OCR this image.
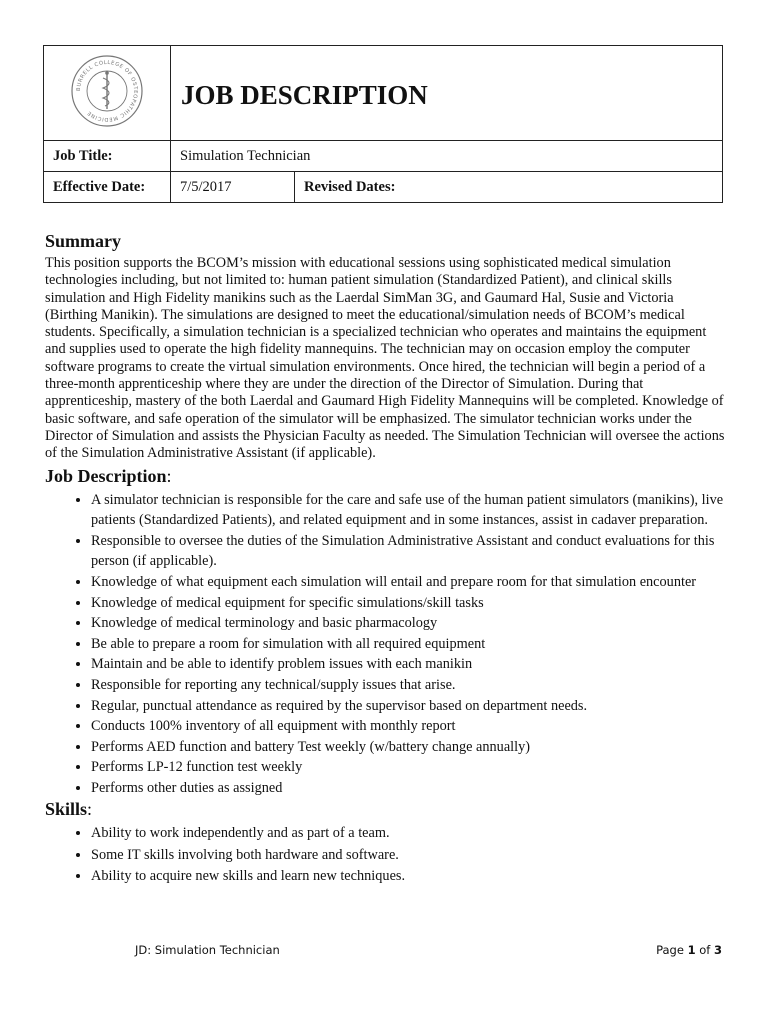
BURRELL COLLEGE OF OSTEOPATHIC MEDICINE	JOB DESCRIPTION	
Job Title:	Simulation Technician	
Effective Date:	7/5/2017	Revised Dates:
Summary

This position supports the BCOM’s mission with educational sessions using sophisticated medical simulation technologies including, but not limited to: human patient simulation (Standardized Patient), and clinical skills simulation and High Fidelity manikins such as the Laerdal SimMan 3G, and Gaumard Hal, Susie and Victoria (Birthing Manikin). The simulations are designed to meet the educational/simulation needs of BCOM’s medical students. Specifically, a simulation technician is a specialized technician who operates and maintains the equipment and supplies used to operate the high fidelity mannequins. The technician may on occasion employ the computer software programs to create the virtual simulation environments. Once hired, the technician will begin a period of a three-month apprenticeship where they are under the direction of the Director of Simulation. During that apprenticeship, mastery of the both Laerdal and Gaumard High Fidelity Mannequins will be completed. Knowledge of basic software, and safe operation of the simulator will be emphasized. The simulator technician works under the Director of Simulation and assists the Physician Faculty as needed. The Simulation Technician will oversee the actions of the Simulation Administrative Assistant (if applicable).

Job Description:
• A simulator technician is responsible for the care and safe use of the human patient simulators (manikins), live patients (Standardized Patients), and related equipment and in some instances, assist in cadaver preparation.
• Responsible to oversee the duties of the Simulation Administrative Assistant and conduct evaluations for this person (if applicable).
• Knowledge of what equipment each simulation will entail and prepare room for that simulation encounter
• Knowledge of medical equipment for specific simulations/skill tasks
• Knowledge of medical terminology and basic pharmacology
• Be able to prepare a room for simulation with all required equipment
• Maintain and be able to identify problem issues with each manikin
• Responsible for reporting any technical/supply issues that arise.
• Regular, punctual attendance as required by the supervisor based on department needs.
• Conducts 100% inventory of all equipment with monthly report
• Performs AED function and battery Test weekly (w/battery change annually)
• Performs LP-12 function test weekly
• Performs other duties as assigned
Skills:
• Ability to work independently and as part of a team.
• Some IT skills involving both hardware and software.
• Ability to acquire new skills and learn new techniques.
JD: Simulation Technician	Page 1 of 3
